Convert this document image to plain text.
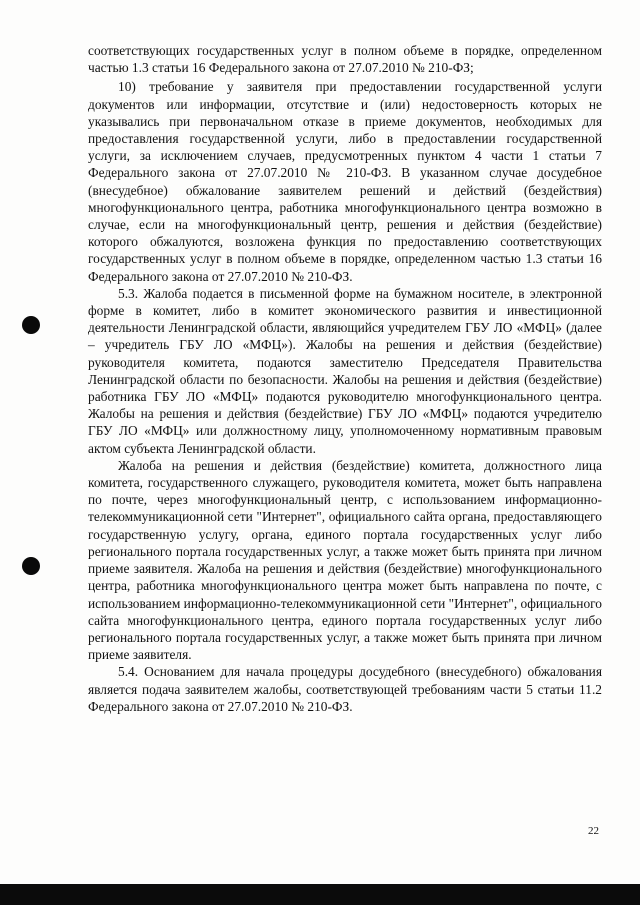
соответствующих государственных услуг в полном объеме в порядке, определенном частью 1.3 статьи 16 Федерального закона от 27.07.2010 № 210-ФЗ;

10) требование у заявителя при предоставлении государственной услуги документов или информации, отсутствие и (или) недостоверность которых не указывались при первоначальном отказе в приеме документов, необходимых для предоставления государственной услуги, либо в предоставлении государственной услуги, за исключением случаев, предусмотренных пунктом 4 части 1 статьи 7 Федерального закона от 27.07.2010 № 210-ФЗ. В указанном случае досудебное (внесудебное) обжалование заявителем решений и действий (бездействия) многофункционального центра, работника многофункционального центра возможно в случае, если на многофункциональный центр, решения и действия (бездействие) которого обжалуются, возложена функция по предоставлению соответствующих государственных услуг в полном объеме в порядке, определенном частью 1.3 статьи 16 Федерального закона от 27.07.2010 № 210-ФЗ.

5.3. Жалоба подается в письменной форме на бумажном носителе, в электронной форме в комитет, либо в комитет экономического развития и инвестиционной деятельности Ленинградской области, являющийся учредителем ГБУ ЛО «МФЦ» (далее – учредитель ГБУ ЛО «МФЦ»). Жалобы на решения и действия (бездействие) руководителя комитета, подаются заместителю Председателя Правительства Ленинградской области по безопасности. Жалобы на решения и действия (бездействие) работника ГБУ ЛО «МФЦ» подаются руководителю многофункционального центра. Жалобы на решения и действия (бездействие) ГБУ ЛО «МФЦ» подаются учредителю ГБУ ЛО «МФЦ» или должностному лицу, уполномоченному нормативным правовым актом субъекта Ленинградской области.

Жалоба на решения и действия (бездействие) комитета, должностного лица комитета, государственного служащего, руководителя комитета, может быть направлена по почте, через многофункциональный центр, с использованием информационно-телекоммуникационной сети "Интернет", официального сайта органа, предоставляющего государственную услугу, органа, единого портала государственных услуг либо регионального портала государственных услуг, а также может быть принята при личном приеме заявителя. Жалоба на решения и действия (бездействие) многофункционального центра, работника многофункционального центра может быть направлена по почте, с использованием информационно-телекоммуникационной сети "Интернет", официального сайта многофункционального центра, единого портала государственных услуг либо регионального портала государственных услуг, а также может быть принята при личном приеме заявителя.

5.4. Основанием для начала процедуры досудебного (внесудебного) обжалования является подача заявителем жалобы, соответствующей требованиям части 5 статьи 11.2 Федерального закона от 27.07.2010 № 210-ФЗ.

22
